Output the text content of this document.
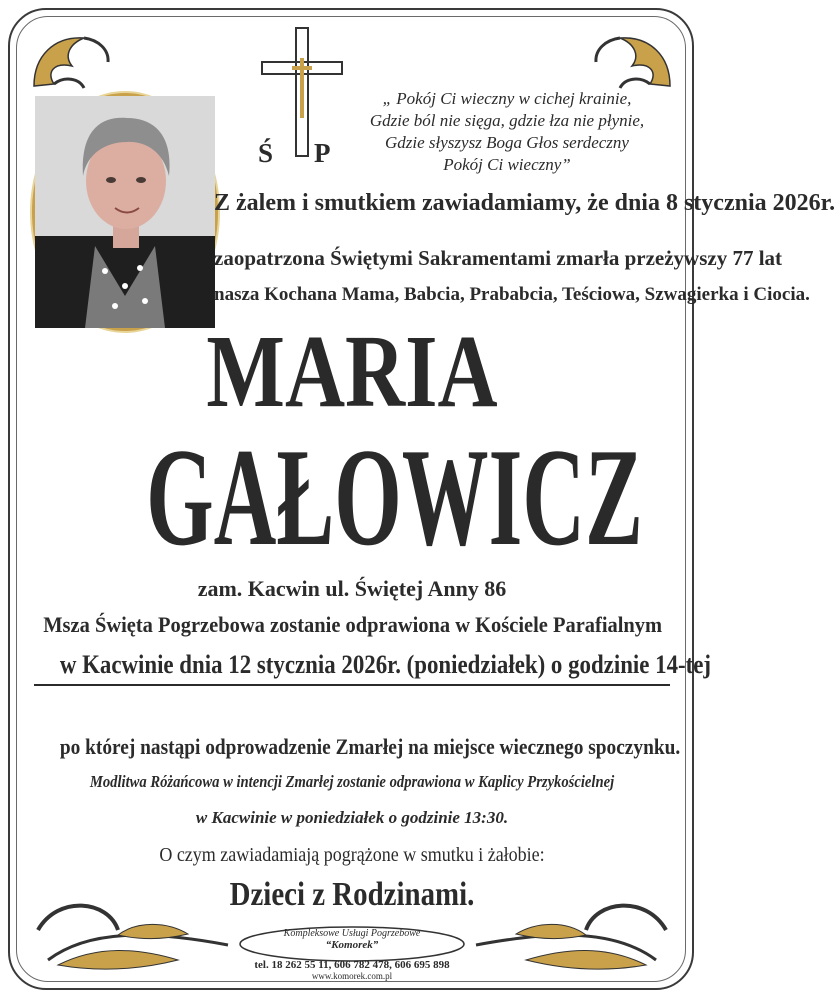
Ś P
„ Pokój Ci wieczny w cichej krainie,
Gdzie ból nie sięga, gdzie łza nie płynie,
Gdzie słyszysz Boga Głos serdeczny
Pokój Ci wieczny”
Z żalem i smutkiem zawiadamiamy, że dnia 8 stycznia 2026r.
zaopatrzona Świętymi Sakramentami zmarła przeżywszy 77 lat
nasza Kochana Mama, Babcia, Prababcia, Teściowa, Szwagierka i Ciocia.
MARIA
GAŁOWICZ
zam. Kacwin ul. Świętej Anny 86
Msza Święta Pogrzebowa zostanie odprawiona w Kościele Parafialnym
w Kacwinie dnia 12 stycznia 2026r. (poniedziałek) o godzinie 14-tej
po której nastąpi odprowadzenie Zmarłej na miejsce wiecznego spoczynku.
Modlitwa Różańcowa w intencji Zmarłej zostanie odprawiona w Kaplicy Przykościelnej
w Kacwinie w poniedziałek o godzinie 13:30.
O czym zawiadamiają pogrążone w smutku i żałobie:
Dzieci z Rodzinami.
Kompleksowe Usługi Pogrzebowe
“Komorek”
tel. 18 262 55 11, 606 782 478, 606 695 898
www.komorek.com.pl
